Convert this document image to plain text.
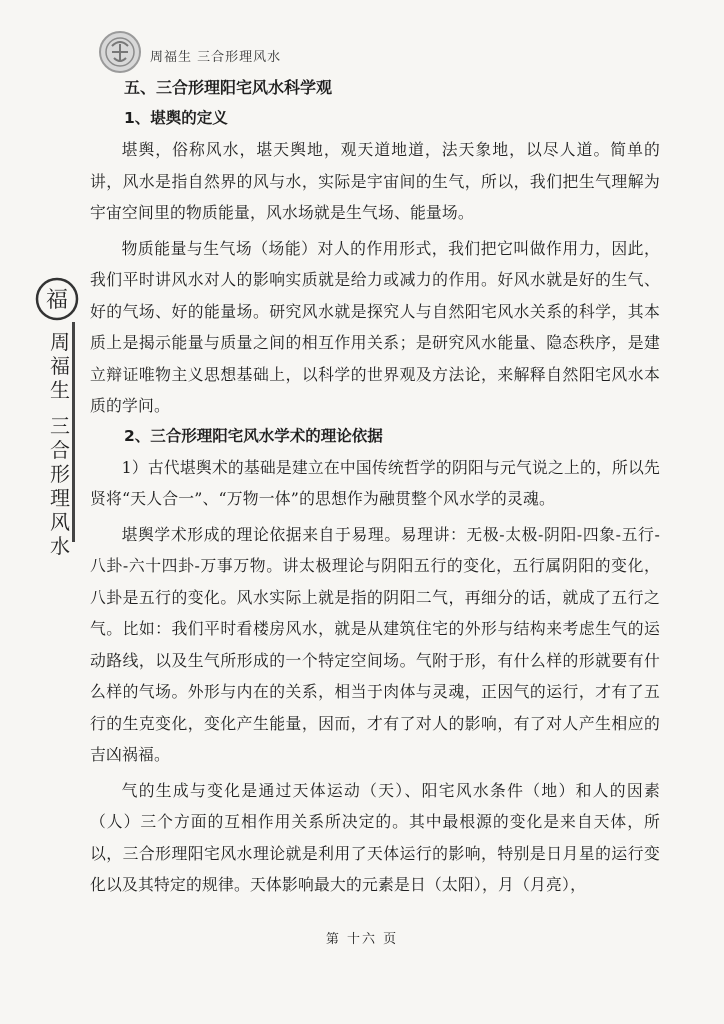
周福生 三合形理风水
福
周福生
三合形理风水
五、三合形理阳宅风水科学观
1、堪舆的定义

堪舆，俗称风水，堪天舆地，观天道地道，法天象地，以尽人道。简单的讲，风水是指自然界的风与水，实际是宇宙间的生气，所以，我们把生气理解为宇宙空间里的物质能量，风水场就是生气场、能量场。

物质能量与生气场（场能）对人的作用形式，我们把它叫做作用力，因此，我们平时讲风水对人的影响实质就是给力或减力的作用。好风水就是好的生气、好的气场、好的能量场。研究风水就是探究人与自然阳宅风水关系的科学，其本质上是揭示能量与质量之间的相互作用关系；是研究风水能量、隐态秩序，是建立辩证唯物主义思想基础上，以科学的世界观及方法论，来解释自然阳宅风水本质的学问。

2、三合形理阳宅风水学术的理论依据

1）古代堪舆术的基础是建立在中国传统哲学的阴阳与元气说之上的，所以先贤将“天人合一”、“万物一体”的思想作为融贯整个风水学的灵魂。

堪舆学术形成的理论依据来自于易理。易理讲：无极-太极-阴阳-四象-五行-八卦-六十四卦-万事万物。讲太极理论与阴阳五行的变化，五行属阴阳的变化，八卦是五行的变化。风水实际上就是指的阴阳二气，再细分的话，就成了五行之气。比如：我们平时看楼房风水，就是从建筑住宅的外形与结构来考虑生气的运动路线，以及生气所形成的一个特定空间场。气附于形，有什么样的形就要有什么样的气场。外形与内在的关系，相当于肉体与灵魂，正因气的运行，才有了五行的生克变化，变化产生能量，因而，才有了对人的影响，有了对人产生相应的吉凶祸福。

气的生成与变化是通过天体运动（天）、阳宅风水条件（地）和人的因素（人）三个方面的互相作用关系所决定的。其中最根源的变化是来自天体，所以，三合形理阳宅风水理论就是利用了天体运行的影响，特别是日月星的运行变化以及其特定的规律。天体影响最大的元素是日（太阳），月（月亮），

第 十六 页
